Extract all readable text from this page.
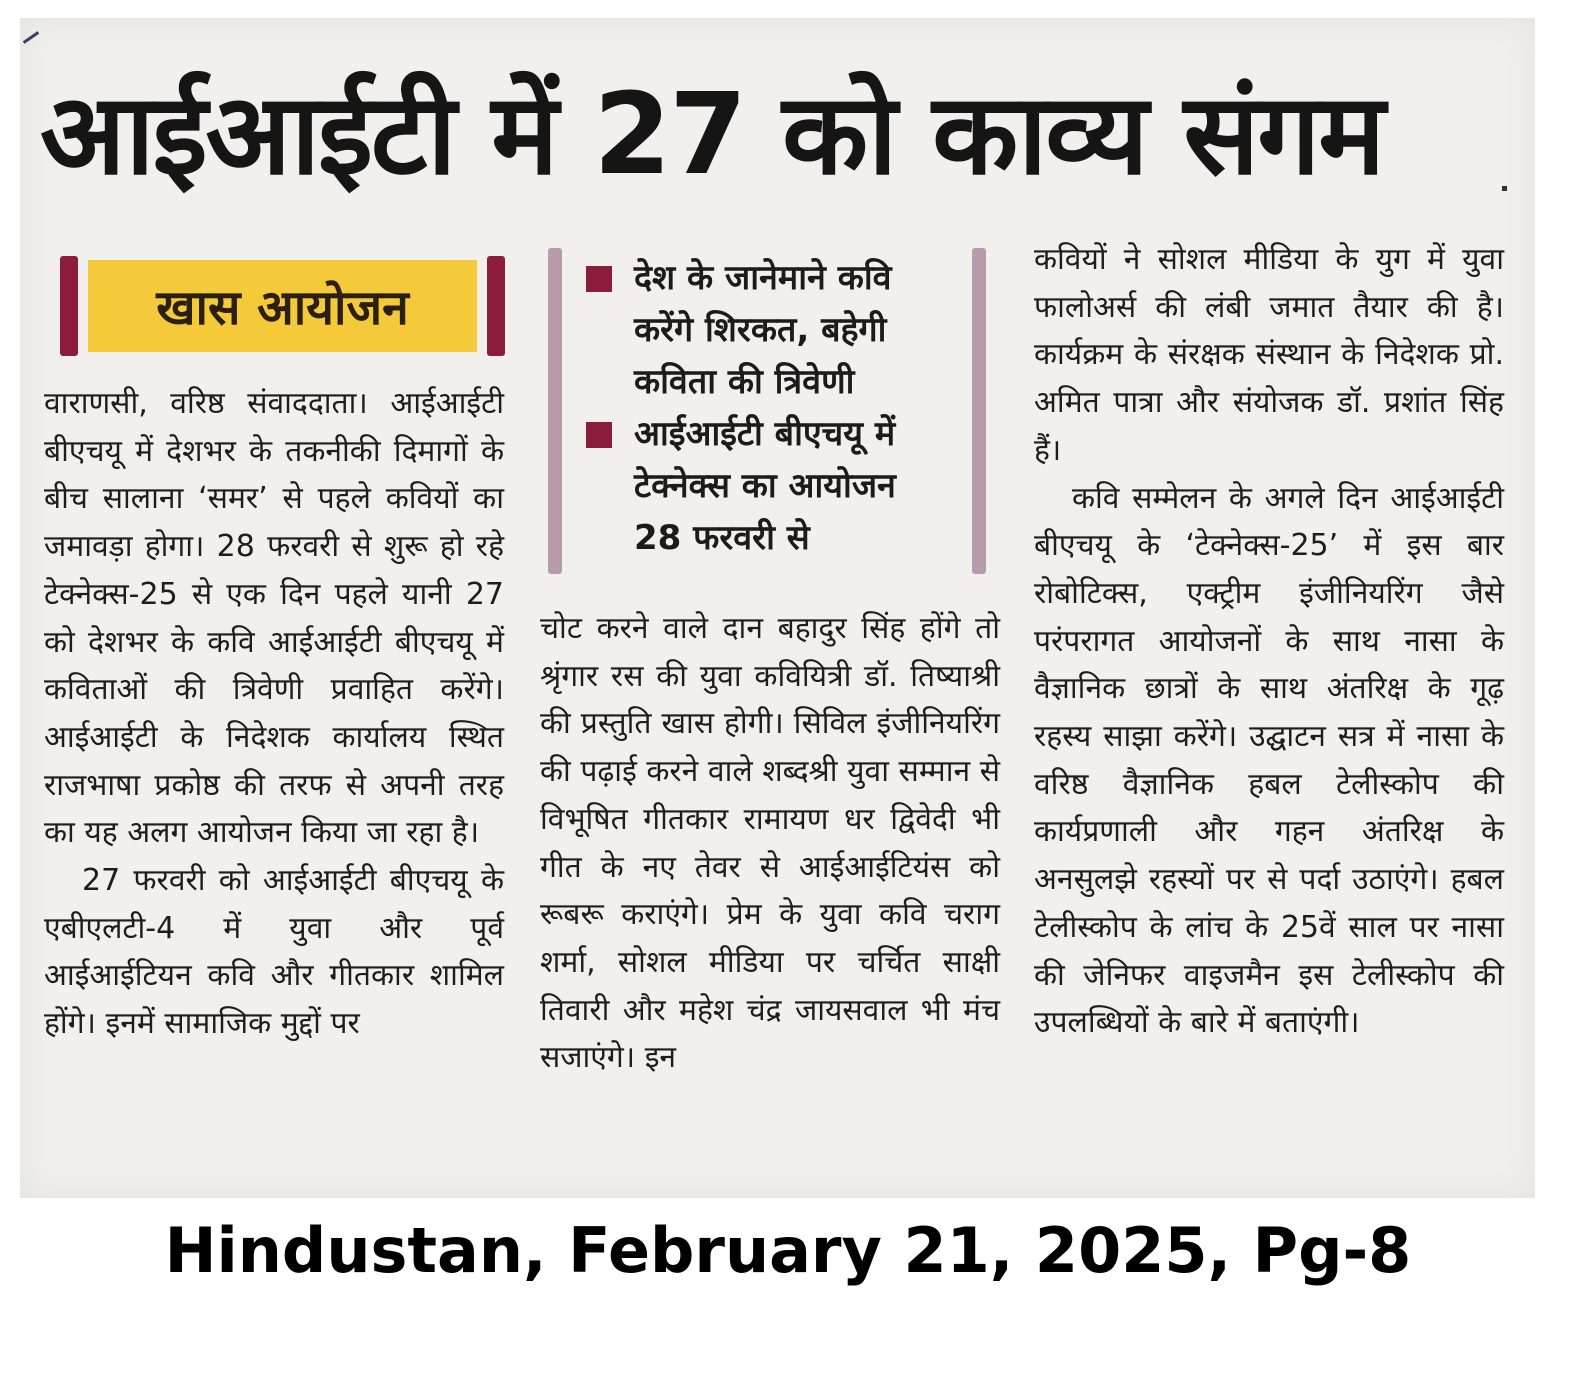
आईआईटी में 27 को काव्य संगम
खास आयोजन

वाराणसी, वरिष्ठ संवाददाता। आईआईटी बीएचयू में देशभर के तकनीकी दिमागों के बीच सालाना ‘समर’ से पहले कवियों का जमावड़ा होगा। 28 फरवरी से शुरू हो रहे टेक्नेक्स-25 से एक दिन पहले यानी 27 को देशभर के कवि आईआईटी बीएचयू में कविताओं की त्रिवेणी प्रवाहित करेंगे। आईआईटी के निदेशक कार्यालय स्थित राजभाषा प्रकोष्ठ की तरफ से अपनी तरह का यह अलग आयोजन किया जा रहा है।

27 फरवरी को आईआईटी बीएचयू के एबीएलटी-4 में युवा और पूर्व आईआईटियन कवि और गीतकार शामिल होंगे। इनमें सामाजिक मुद्दों पर

देश के जानेमाने कवि करेंगे शिरकत, बहेगी कविता की त्रिवेणी
आईआईटी बीएचयू में टेक्नेक्स का आयोजन 28 फरवरी से

चोट करने वाले दान बहादुर सिंह होंगे तो श्रृंगार रस की युवा कवियित्री डॉ. तिष्याश्री की प्रस्तुति खास होगी। सिविल इंजीनियरिंग की पढ़ाई करने वाले शब्दश्री युवा सम्मान से विभूषित गीतकार रामायण धर द्विवेदी भी गीत के नए तेवर से आईआईटियंस को रूबरू कराएंगे। प्रेम के युवा कवि चराग शर्मा, सोशल मीडिया पर चर्चित साक्षी तिवारी और महेश चंद्र जायसवाल भी मंच सजाएंगे। इन

कवियों ने सोशल मीडिया के युग में युवा फालोअर्स की लंबी जमात तैयार की है। कार्यक्रम के संरक्षक संस्थान के निदेशक प्रो. अमित पात्रा और संयोजक डॉ. प्रशांत सिंह हैं।

कवि सम्मेलन के अगले दिन आईआईटी बीएचयू के ‘टेक्नेक्स-25’ में इस बार रोबोटिक्स, एक्ट्रीम इंजीनियरिंग जैसे परंपरागत आयोजनों के साथ नासा के वैज्ञानिक छात्रों के साथ अंतरिक्ष के गूढ़ रहस्य साझा करेंगे। उद्घाटन सत्र में नासा के वरिष्ठ वैज्ञानिक हबल टेलीस्कोप की कार्यप्रणाली और गहन अंतरिक्ष के अनसुलझे रहस्यों पर से पर्दा उठाएंगे। हबल टेलीस्कोप के लांच के 25वें साल पर नासा की जेनिफर वाइजमैन इस टेलीस्कोप की उपलब्धियों के बारे में बताएंगी।

Hindustan, February 21, 2025, Pg-8
